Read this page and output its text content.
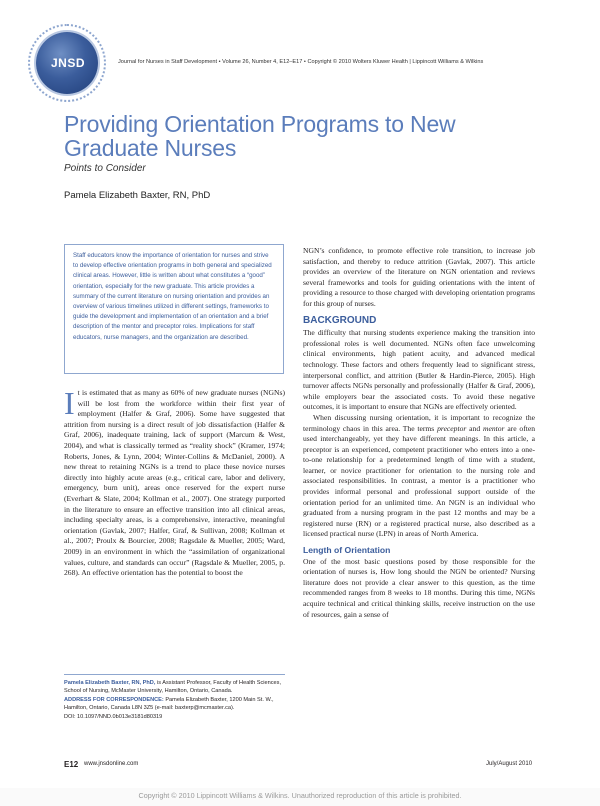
JNSD	Journal for Nurses in Staff Development • Volume 26, Number 4, E12–E17 • Copyright © 2010 Wolters Kluwer Health | Lippincott Williams & Wilkins
Providing Orientation Programs to New Graduate Nurses
Points to Consider
Pamela Elizabeth Baxter, RN, PhD
Staff educators know the importance of orientation for nurses and strive to develop effective orientation programs in both general and specialized clinical areas. However, little is written about what constitutes a “good” orientation, especially for the new graduate. This article provides a summary of the current literature on nursing orientation and provides an overview of various timelines utilized in different settings, frameworks to guide the development and implementation of an orientation and a brief description of the mentor and preceptor roles. Implications for staff educators, nurse managers, and the organization are described.

It is estimated that as many as 60% of new graduate nurses (NGNs) will be lost from the workforce within their first year of employment (Halfer & Graf, 2006). Some have suggested that attrition from nursing is a direct result of job dissatisfaction (Halfer & Graf, 2006), inadequate training, lack of support (Marcum & West, 2004), and what is classically termed as “reality shock” (Kramer, 1974; Roberts, Jones, & Lynn, 2004; Winter-Collins & McDaniel, 2000). A new threat to retaining NGNs is a trend to place these novice nurses directly into highly acute areas (e.g., critical care, labor and delivery, emergency, burn unit), areas once reserved for the expert nurse (Everhart & Slate, 2004; Kollman et al., 2007). One strategy purported in the literature to ensure an effective transition into all clinical areas, including specialty areas, is a comprehensive, interactive, meaningful orientation (Gavlak, 2007; Halfer, Graf, & Sullivan, 2008; Kollman et al., 2007; Proulx & Bourcier, 2008; Ragsdale & Mueller, 2005; Ward, 2009) in an environment in which the “assimilation of organizational values, culture, and standards can occur” (Ragsdale & Mueller, 2005, p. 268). An effective orientation has the potential to boost the

Pamela Elizabeth Baxter, RN, PhD, is Assistant Professor, Faculty of Health Sciences, School of Nursing, McMaster University, Hamilton, Ontario, Canada.
ADDRESS FOR CORRESPONDENCE: Pamela Elizabeth Baxter, 1200 Main St. W., Hamilton, Ontario, Canada L8N 3Z5 (e-mail: baxterp@mcmaster.ca).
DOI: 10.1097/NND.0b013e3181d80319

NGN’s confidence, to promote effective role transition, to increase job satisfaction, and thereby to reduce attrition (Gavlak, 2007). This article provides an overview of the literature on NGN orientation and reviews several frameworks and tools for guiding orientations with the intent of providing a resource to those charged with developing orientation programs for this group of nurses.

BACKGROUND

The difficulty that nursing students experience making the transition into professional roles is well documented. NGNs often face unwelcoming clinical environments, high patient acuity, and advanced medical technology. These factors and others frequently lead to significant stress, interpersonal conflict, and attrition (Butler & Hardin-Pierce, 2005). High turnover affects NGNs personally and professionally (Halfer & Graf, 2006), while employers bear the associated costs. To avoid these negative outcomes, it is important to ensure that NGNs are effectively oriented.

When discussing nursing orientation, it is important to recognize the terminology chaos in this area. The terms preceptor and mentor are often used interchangeably, yet they have different meanings. In this article, a preceptor is an experienced, competent practitioner who enters into a one-to-one relationship for a predetermined length of time with a student, learner, or novice practitioner for orientation to the nursing role and associated responsibilities. In contrast, a mentor is a practitioner who provides informal personal and professional support outside of the orientation period for an unlimited time. An NGN is an individual who graduated from a nursing program in the past 12 months and may be a registered nurse (RN) or a registered practical nurse, also described as a licensed practical nurse (LPN) in areas of North America.

Length of Orientation

One of the most basic questions posed by those responsible for the orientation of nurses is, How long should the NGN be oriented? Nursing literature does not provide a clear answer to this question, as the time recommended ranges from 8 weeks to 18 months. During this time, NGNs acquire technical and critical thinking skills, receive instruction on the use of resources, gain a sense of

E12 www.jnsdonline.com	July/August 2010
Copyright © 2010 Lippincott Williams & Wilkins. Unauthorized reproduction of this article is prohibited.
